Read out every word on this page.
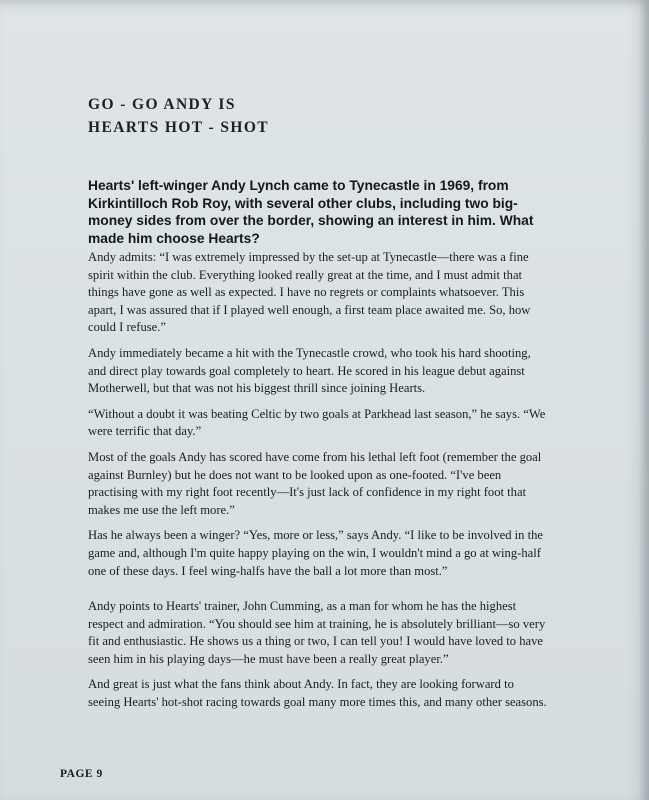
GO - GO ANDY IS
HEARTS HOT - SHOT

Hearts' left-winger Andy Lynch came to Tynecastle in 1969, from Kirkintilloch Rob Roy, with several other clubs, including two big-money sides from over the border, showing an interest in him. What made him choose Hearts?

Andy admits: “I was extremely impressed by the set-up at Tynecastle—there was a fine spirit within the club. Everything looked really great at the time, and I must admit that things have gone as well as expected. I have no regrets or complaints whatsoever. This apart, I was assured that if I played well enough, a first team place awaited me. So, how could I refuse.”

Andy immediately became a hit with the Tynecastle crowd, who took his hard shooting, and direct play towards goal completely to heart. He scored in his league debut against Motherwell, but that was not his biggest thrill since joining Hearts.

“Without a doubt it was beating Celtic by two goals at Parkhead last season,” he says. “We were terrific that day.”

Most of the goals Andy has scored have come from his lethal left foot (remember the goal against Burnley) but he does not want to be looked upon as one-footed. “I've been practising with my right foot recently—It's just lack of confidence in my right foot that makes me use the left more.”

Has he always been a winger? “Yes, more or less,” says Andy. “I like to be involved in the game and, although I'm quite happy playing on the win, I wouldn't mind a go at wing-half one of these days. I feel wing-halfs have the ball a lot more than most.”

Andy points to Hearts' trainer, John Cumming, as a man for whom he has the highest respect and admiration. “You should see him at training, he is absolutely brilliant—so very fit and enthusiastic. He shows us a thing or two, I can tell you! I would have loved to have seen him in his playing days—he must have been a really great player.”

And great is just what the fans think about Andy. In fact, they are looking forward to seeing Hearts' hot-shot racing towards goal many more times this, and many other seasons.

PAGE 9
